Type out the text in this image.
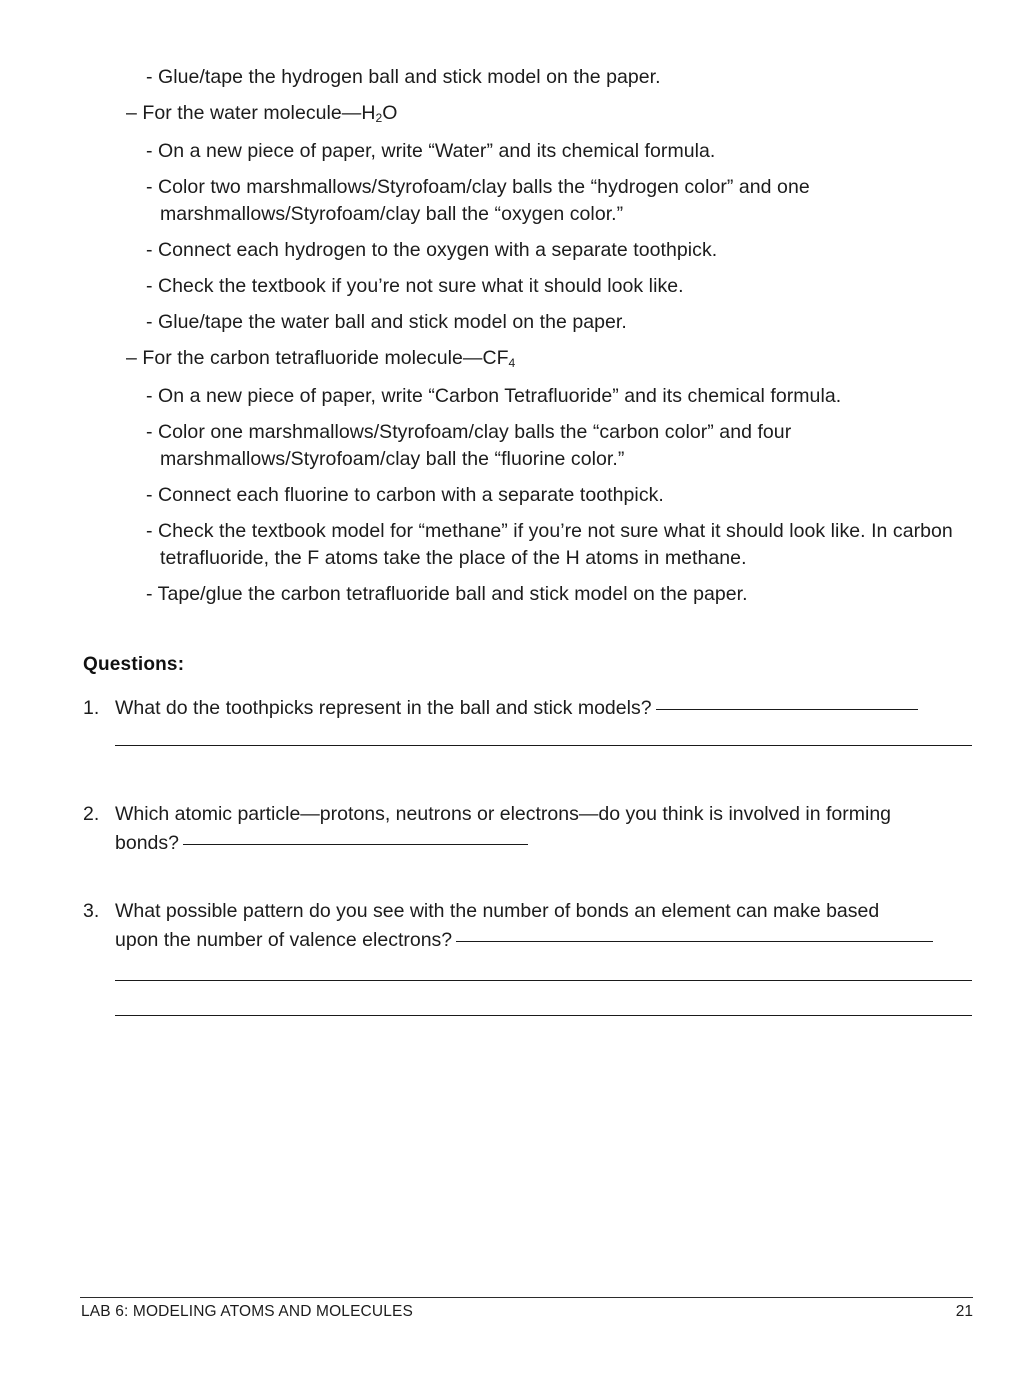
- Glue/tape the hydrogen ball and stick model on the paper.

– For the water $molecule—H_2O$

- On a new piece of paper, write “Water” and its chemical formula.

- Color two marshmallows/Styrofoam/clay balls the “hydrogen color” and one marshmallows/Styrofoam/clay ball the “oxygen color.”

- Connect each hydrogen to the oxygen with a separate toothpick.

- Check the textbook if you’re not sure what it should look like.

- Glue/tape the water ball and stick model on the paper.

– For the carbon tetrafluoride $molecule—CF_4$

- On a new piece of paper, write “Carbon Tetrafluoride” and its chemical formula.

- Color one marshmallows/Styrofoam/clay balls the “carbon color” and four marshmallows/Styrofoam/clay ball the “fluorine color.”

- Connect each fluorine to carbon with a separate toothpick.

- Check the textbook model for “methane” if you’re not sure what it should look like. In carbon tetrafluoride, the F atoms take the place of the H atoms in methane.

- Tape/glue the carbon tetrafluoride ball and stick model on the paper.

Questions:
1. What do the toothpicks represent in the ball and stick models?
2. Which atomic particle—protons, neutrons or electrons—do you think is involved in forming
bonds?
3. What possible pattern do you see with the number of bonds an element can make based
upon the number of valence electrons?
LAB 6: MODELING ATOMS AND MOLECULES	21
